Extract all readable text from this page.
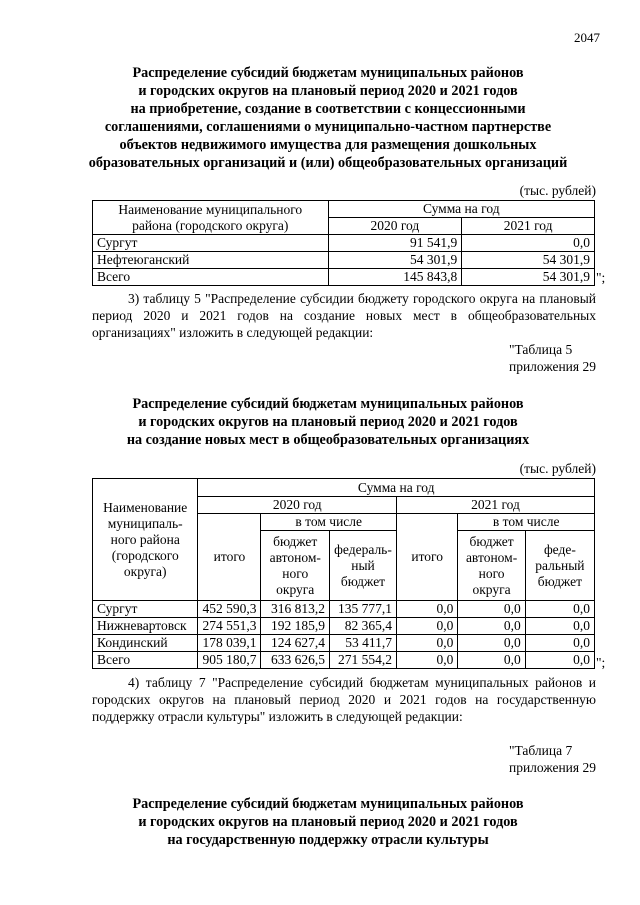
2047
Распределение субсидий бюджетам муниципальных районов
и городских округов на плановый период 2020 и 2021 годов
на приобретение, создание в соответствии с концессионными
соглашениями, соглашениями о муниципально-частном партнерстве
объектов недвижимого имущества для размещения дошкольных
образовательных организаций и (или) общеобразовательных организаций
(тыс. рублей)
Наименование муниципального района (городского округа)	Сумма на год	
	2020 год	2021 год
Сургут	91 541,9	0,0
Нефтеюганский	54 301,9	54 301,9
Всего	145 843,8	54 301,9 ";
3) таблицу 5 "Распределение субсидии бюджету городского округа на плановый период 2020 и 2021 годов на создание новых мест в общеобразовательных организациях" изложить в следующей редакции:
"Таблица 5
приложения 29
Распределение субсидий бюджетам муниципальных районов
и городских округов на плановый период 2020 и 2021 годов
на создание новых мест в общеобразовательных организациях
(тыс. рублей)
Наименование муниципаль-ного района (городского округа)	Сумма на год					
	2020 год			2021 год		
	итого	в том числе		итого	в том числе	
		бюджет автоном-ного округа	федераль-ный бюджет		бюджет автоном-ного округа	феде-ральный бюджет
Сургут	452 590,3	316 813,2	135 777,1	0,0	0,0	0,0
Нижневартовск	274 551,3	192 185,9	82 365,4	0,0	0,0	0,0
Кондинский	178 039,1	124 627,4	53 411,7	0,0	0,0	0,0
Всего	905 180,7	633 626,5	271 554,2	0,0	0,0	0,0 ";
4) таблицу 7 "Распределение субсидий бюджетам муниципальных районов и городских округов на плановый период 2020 и 2021 годов на государственную поддержку отрасли культуры" изложить в следующей редакции:
"Таблица 7
приложения 29
Распределение субсидий бюджетам муниципальных районов
и городских округов на плановый период 2020 и 2021 годов
на государственную поддержку отрасли культуры
